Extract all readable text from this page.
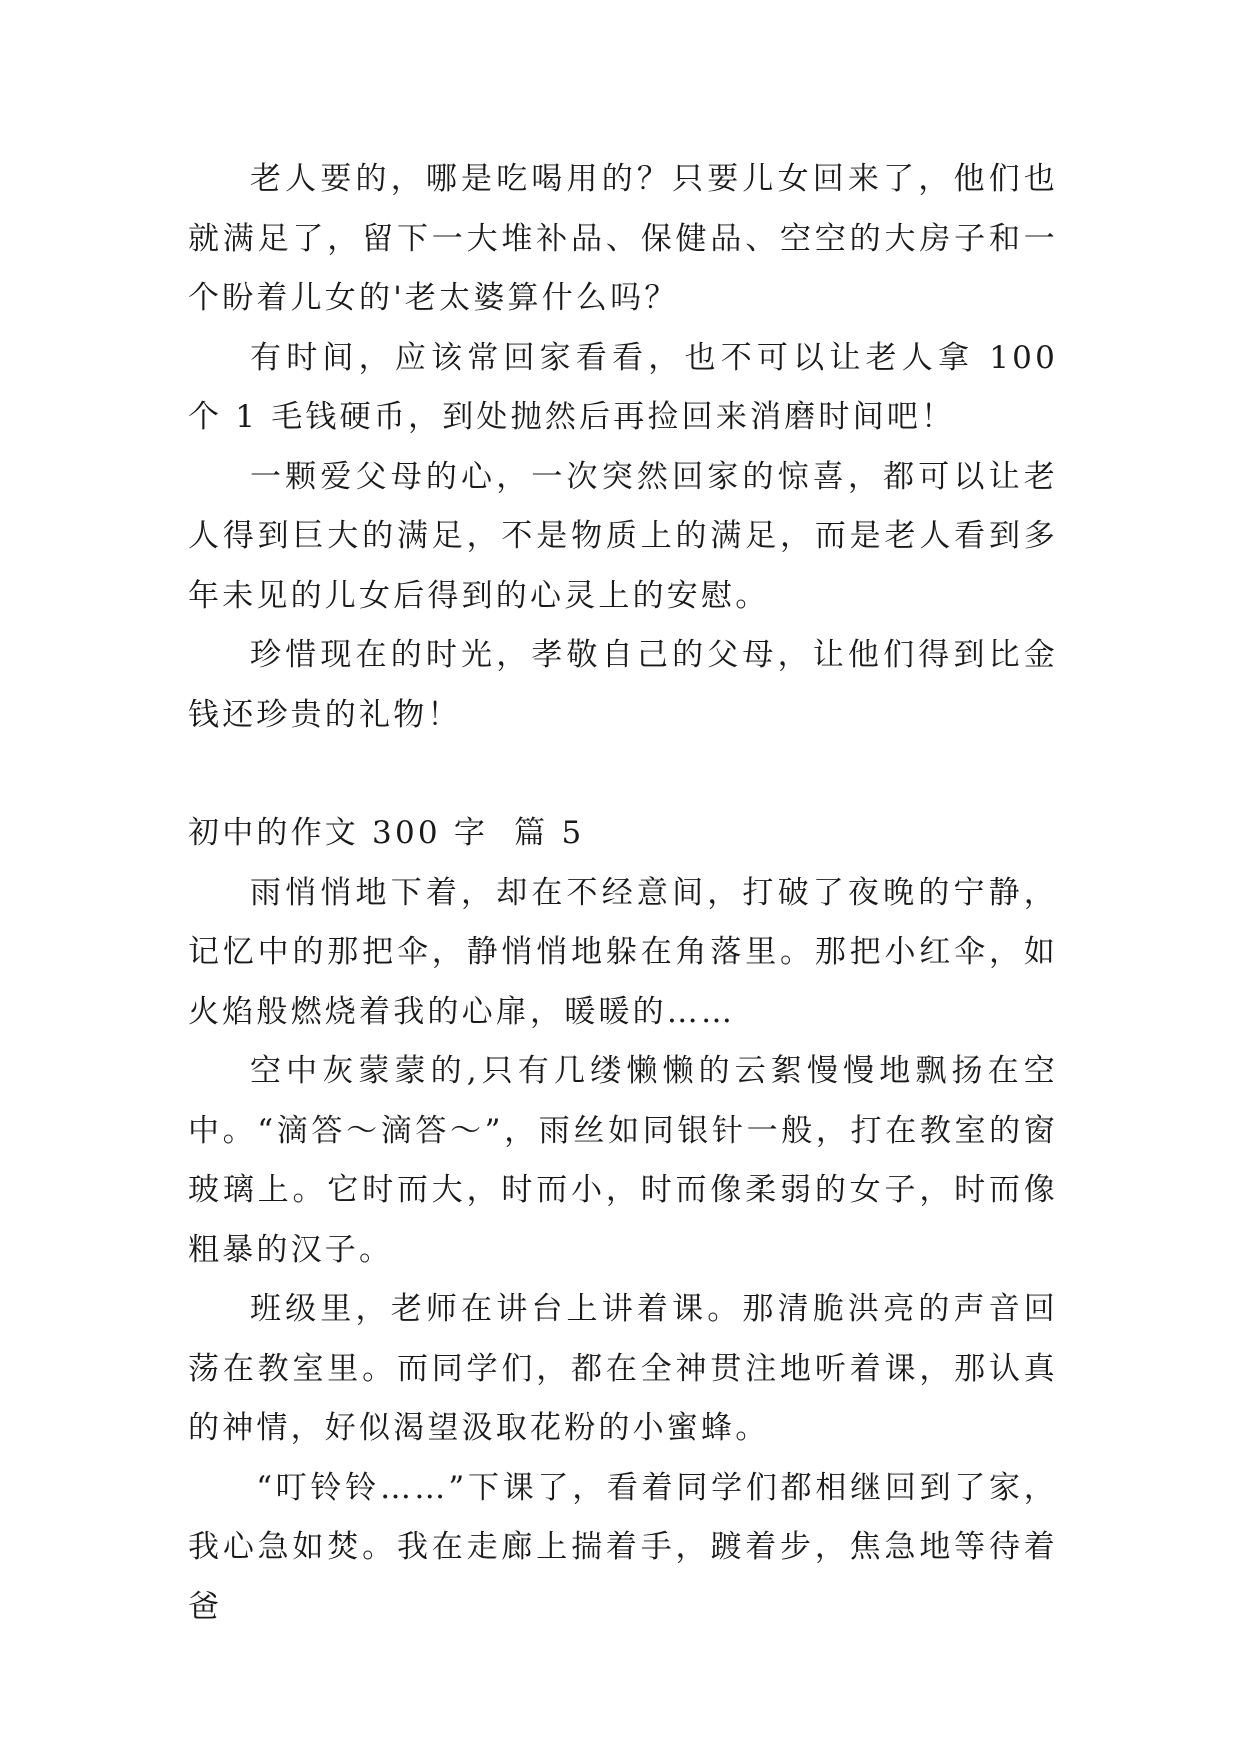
老人要的，哪是吃喝用的？只要儿女回来了，他们也就满足了，留下一大堆补品、保健品、空空的大房子和一个盼着儿女的'老太婆算什么吗？

有时间，应该常回家看看，也不可以让老人拿 100 个 1 毛钱硬币，到处抛然后再捡回来消磨时间吧！

一颗爱父母的心，一次突然回家的惊喜，都可以让老人得到巨大的满足，不是物质上的满足，而是老人看到多年未见的儿女后得到的心灵上的安慰。

珍惜现在的时光，孝敬自己的父母，让他们得到比金钱还珍贵的礼物！

初中的作文 300 字  篇 5

雨悄悄地下着，却在不经意间，打破了夜晚的宁静，记忆中的那把伞，静悄悄地躲在角落里。那把小红伞，如火焰般燃烧着我的心扉，暖暖的……

空中灰蒙蒙的,只有几缕懒懒的云絮慢慢地飘扬在空中。“滴答～滴答～”，雨丝如同银针一般，打在教室的窗玻璃上。它时而大，时而小，时而像柔弱的女子，时而像粗暴的汉子。

班级里，老师在讲台上讲着课。那清脆洪亮的声音回荡在教室里。而同学们，都在全神贯注地听着课，那认真的神情，好似渴望汲取花粉的小蜜蜂。

“叮铃铃……”下课了，看着同学们都相继回到了家，我心急如焚。我在走廊上揣着手，踱着步，焦急地等待着爸
